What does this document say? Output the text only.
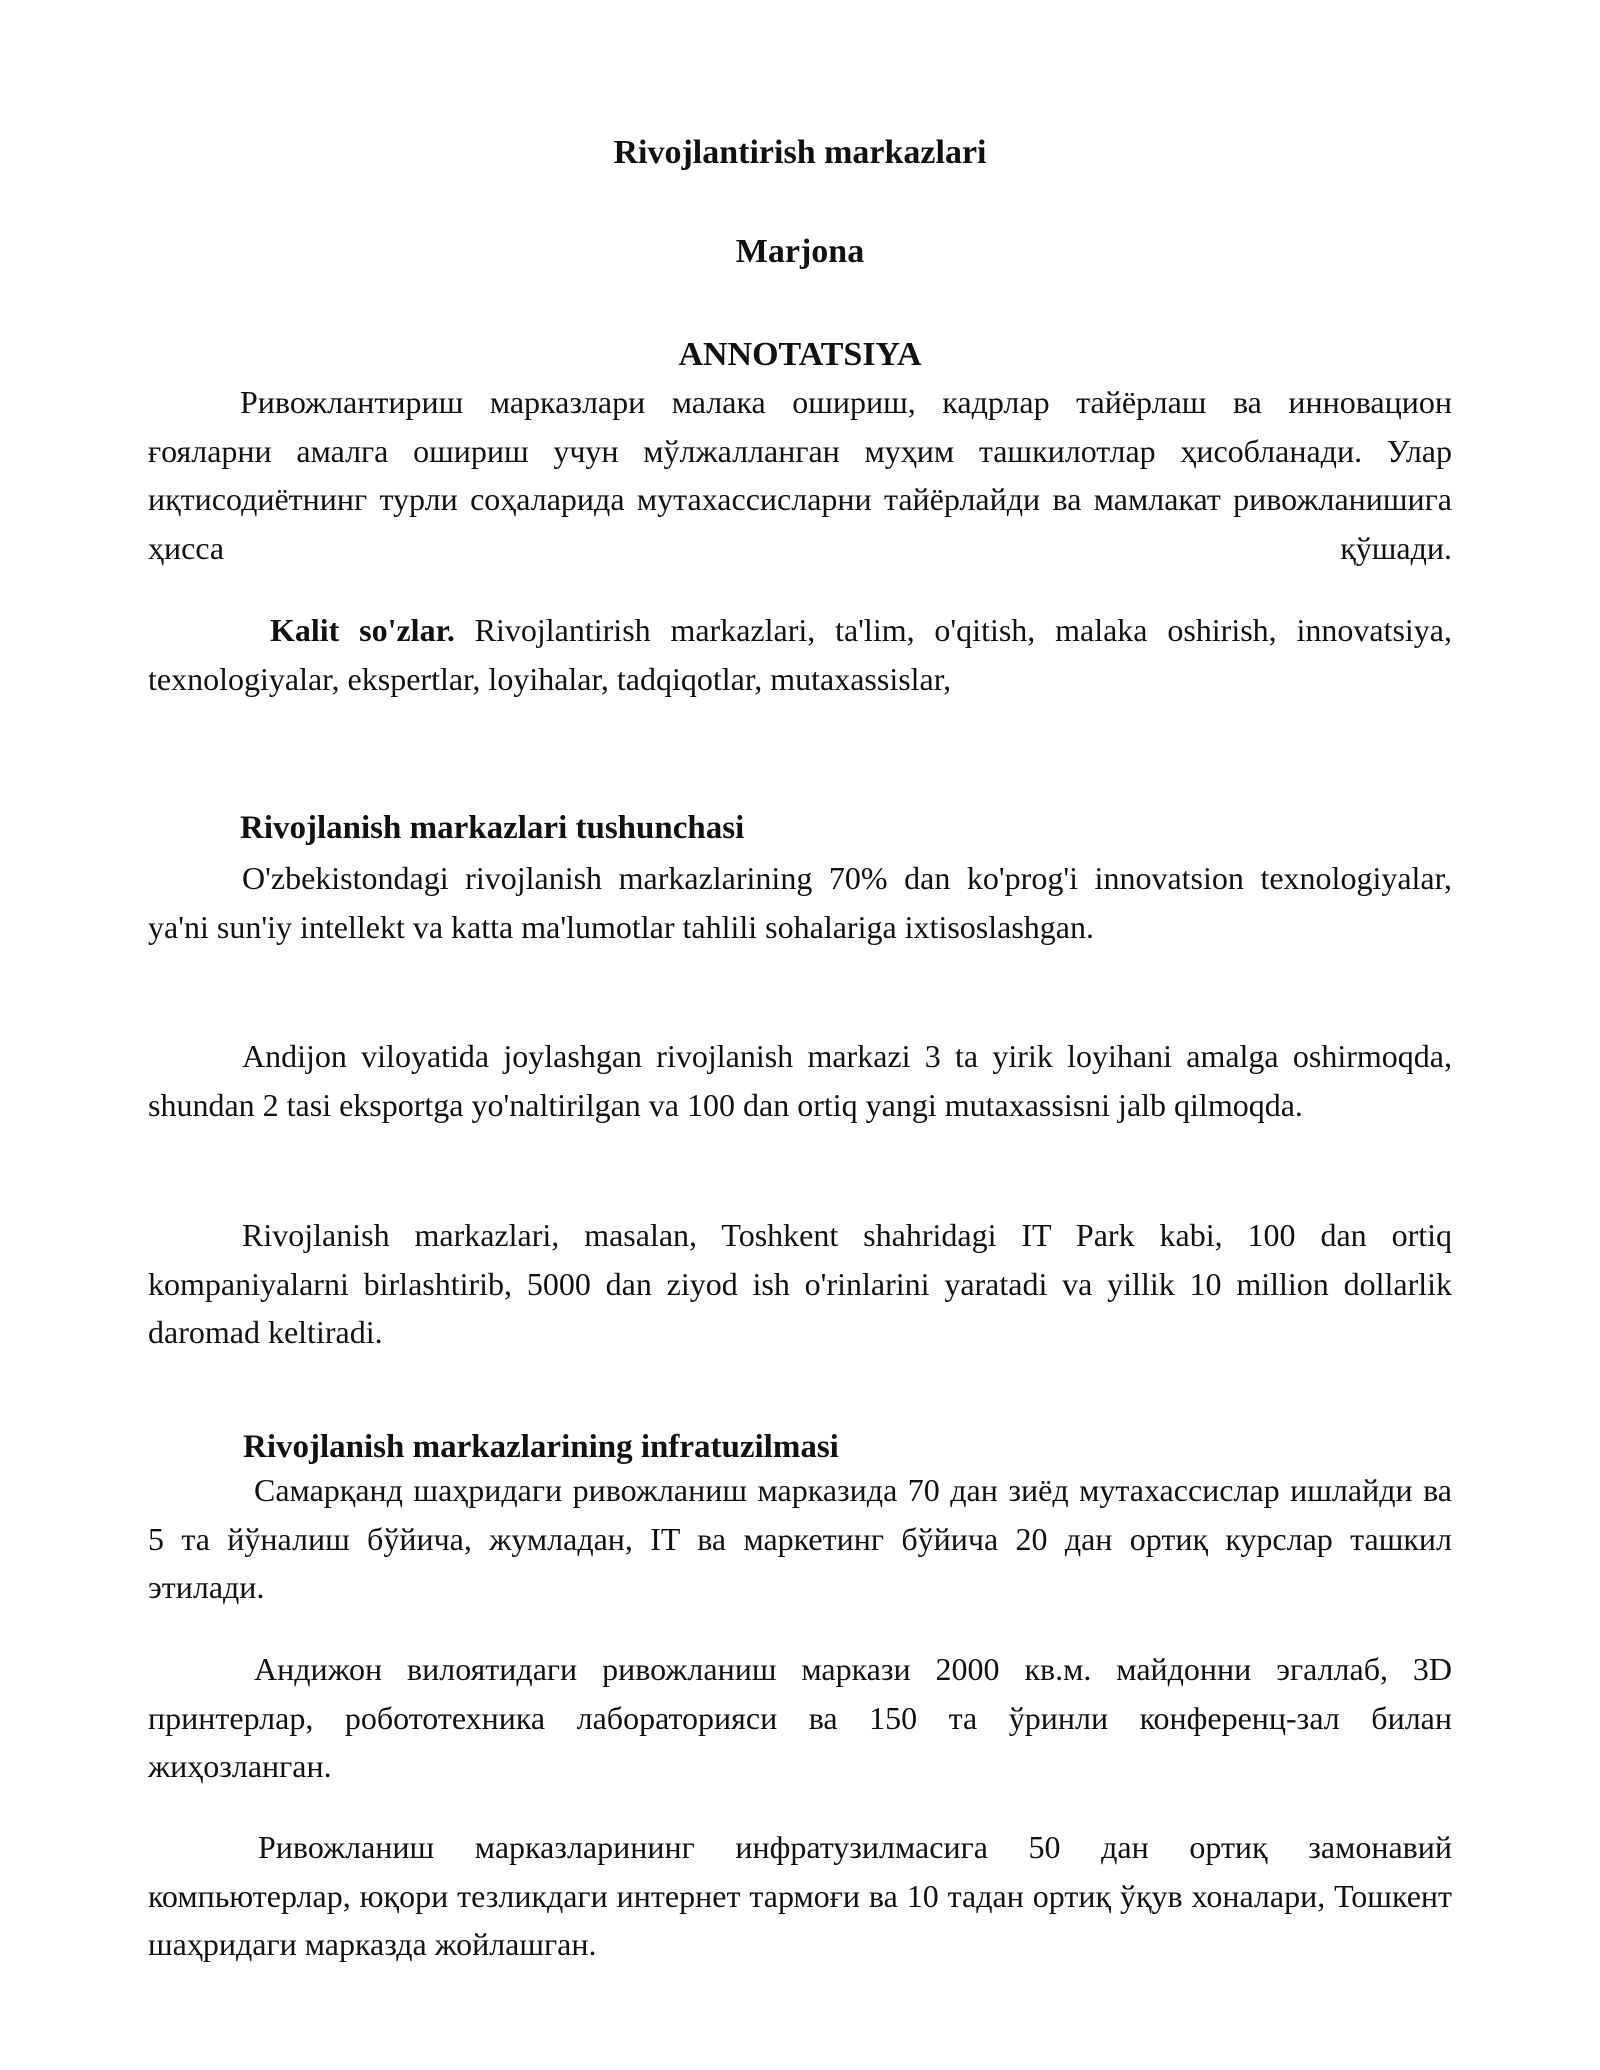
Rivojlantirish markazlari
Marjona
ANNOTATSIYA

Ривожлантириш марказлари малака ошириш, кадрлар тайёрлаш ва инновацион ғояларни амалга ошириш учун мўлжалланган муҳим ташкилотлар ҳисобланади. Улар иқтисодиётнинг турли соҳаларида мутахассисларни тайёрлайди ва мамлакат ривожланишига ҳисса қўшади.

Kalit so'zlar. Rivojlantirish markazlari, ta'lim, o'qitish, malaka oshirish, innovatsiya, texnologiyalar, ekspertlar, loyihalar, tadqiqotlar, mutaxassislar,

Rivojlanish markazlari tushunchasi

O'zbekistondagi rivojlanish markazlarining 70% dan ko'prog'i innovatsion texnologiyalar, ya'ni sun'iy intellekt va katta ma'lumotlar tahlili sohalariga ixtisoslashgan.

Andijon viloyatida joylashgan rivojlanish markazi 3 ta yirik loyihani amalga oshirmoqda, shundan 2 tasi eksportga yo'naltirilgan va 100 dan ortiq yangi mutaxassisni jalb qilmoqda.

Rivojlanish markazlari, masalan, Toshkent shahridagi IT Park kabi, 100 dan ortiq kompaniyalarni birlashtirib, 5000 dan ziyod ish o'rinlarini yaratadi va yillik 10 million dollarlik daromad keltiradi.

Rivojlanish markazlarining infratuzilmasi

Самарқанд шаҳридаги ривожланиш марказида 70 дан зиёд мутахассислар ишлайди ва 5 та йўналиш бўйича, жумладан, IT ва маркетинг бўйича 20 дан ортиқ курслар ташкил этилади.

Андижон вилоятидаги ривожланиш маркази 2000 кв.м. майдонни эгаллаб, 3D принтерлар, робототехника лабораторияси ва 150 та ўринли конференц-зал билан жиҳозланган.

Ривожланиш марказларининг инфратузилмасига 50 дан ортиқ замонавий компьютерлар, юқори тезликдаги интернет тармоғи ва 10 тадан ортиқ ўқув хоналари, Тошкент шаҳридаги марказда жойлашган.
